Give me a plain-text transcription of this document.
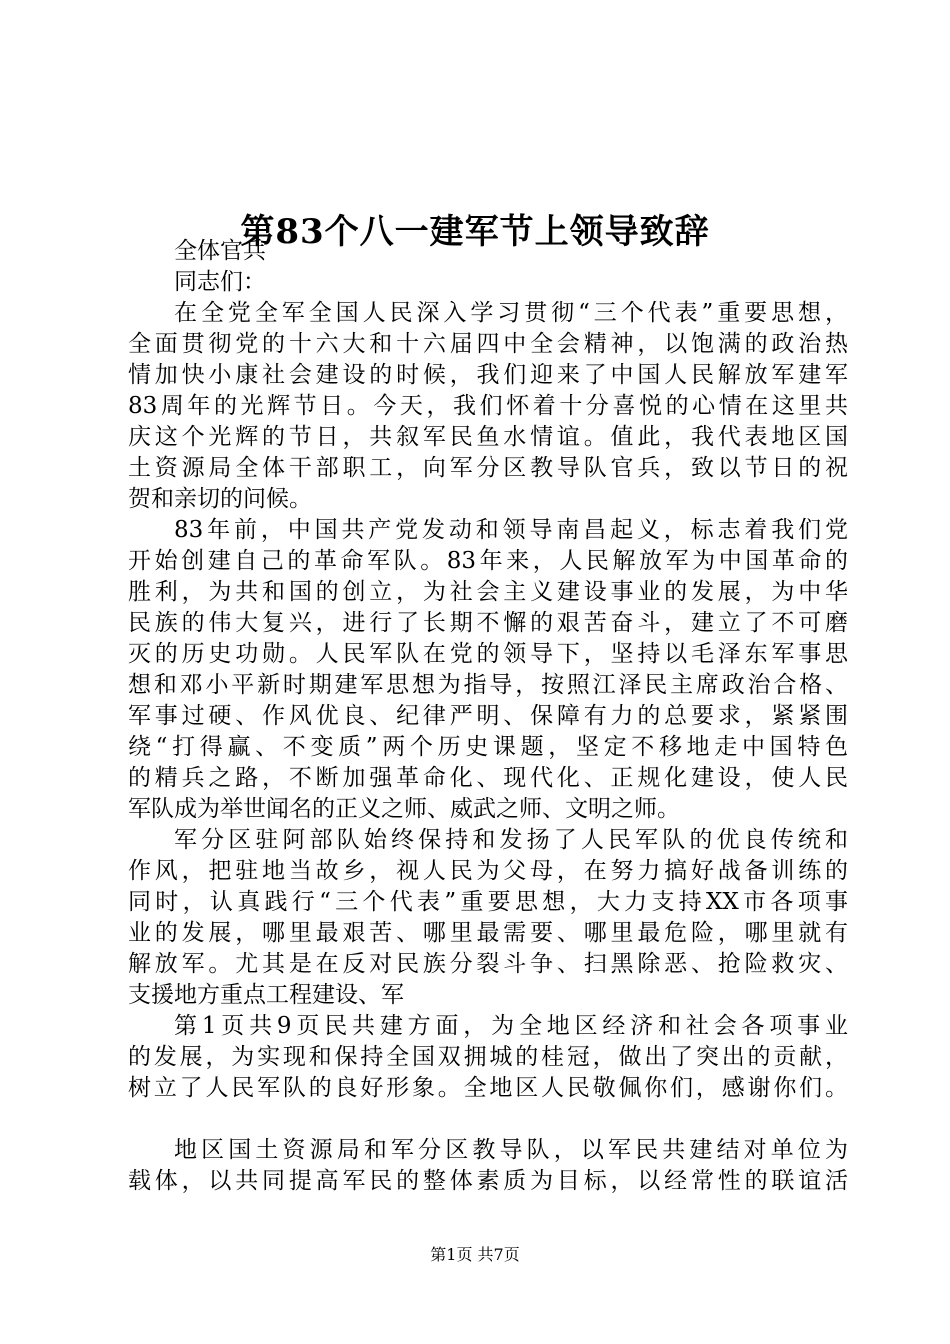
第83个八一建军节上领导致辞
全体官兵
同志们：
在全党全军全国人民深入学习贯彻“三个代表”重要思想，
全面贯彻党的十六大和十六届四中全会精神，以饱满的政治热
情加快小康社会建设的时候，我们迎来了中国人民解放军建军
83周年的光辉节日。今天，我们怀着十分喜悦的心情在这里共
庆这个光辉的节日，共叙军民鱼水情谊。值此，我代表地区国
土资源局全体干部职工，向军分区教导队官兵，致以节日的祝
贺和亲切的问候。
83年前，中国共产党发动和领导南昌起义，标志着我们党
开始创建自己的革命军队。83年来，人民解放军为中国革命的
胜利，为共和国的创立，为社会主义建设事业的发展，为中华
民族的伟大复兴，进行了长期不懈的艰苦奋斗，建立了不可磨
灭的历史功勋。人民军队在党的领导下，坚持以毛泽东军事思
想和邓小平新时期建军思想为指导，按照江泽民主席政治合格、
军事过硬、作风优良、纪律严明、保障有力的总要求，紧紧围
绕“打得赢、不变质”两个历史课题，坚定不移地走中国特色
的精兵之路，不断加强革命化、现代化、正规化建设，使人民
军队成为举世闻名的正义之师、威武之师、文明之师。
军分区驻阿部队始终保持和发扬了人民军队的优良传统和
作风，把驻地当故乡，视人民为父母，在努力搞好战备训练的
同时，认真践行“三个代表”重要思想，大力支持XX市各项事
业的发展，哪里最艰苦、哪里最需要、哪里最危险，哪里就有
解放军。尤其是在反对民族分裂斗争、扫黑除恶、抢险救灾、
支援地方重点工程建设、军
第1页共9页民共建方面，为全地区经济和社会各项事业
的发展，为实现和保持全国双拥城的桂冠，做出了突出的贡献，
树立了人民军队的良好形象。全地区人民敬佩你们，感谢你们。
地区国土资源局和军分区教导队，以军民共建结对单位为
载体，以共同提高军民的整体素质为目标，以经常性的联谊活
第1页 共7页
